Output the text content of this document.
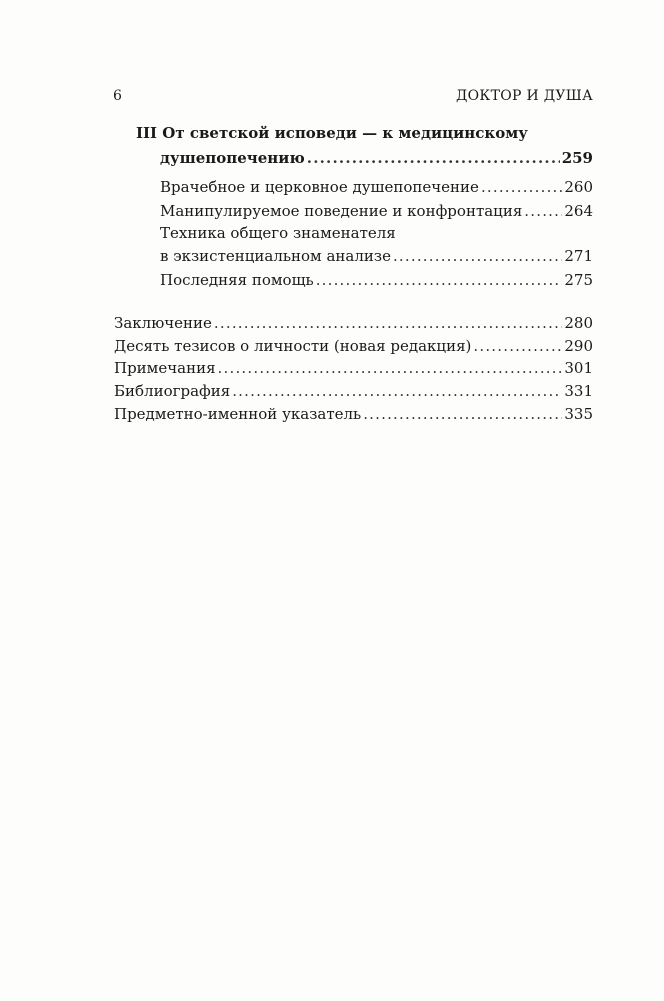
6	ДОКТОР И ДУША
III От светской исповеди — к медицинскому
душепопечению .....	259
Врачебное и церковное душепопечение .....	260
Манипулируемое поведение и конфронтация .....	264
Техника общего знаменателя
в экзистенциальном анализе .....	271
Последняя помощь .....	275
Заключение .....	280
Десять тезисов о личности (новая редакция) .....	290
Примечания .....	301
Библиография .....	331
Предметно-именной указатель .....	335
